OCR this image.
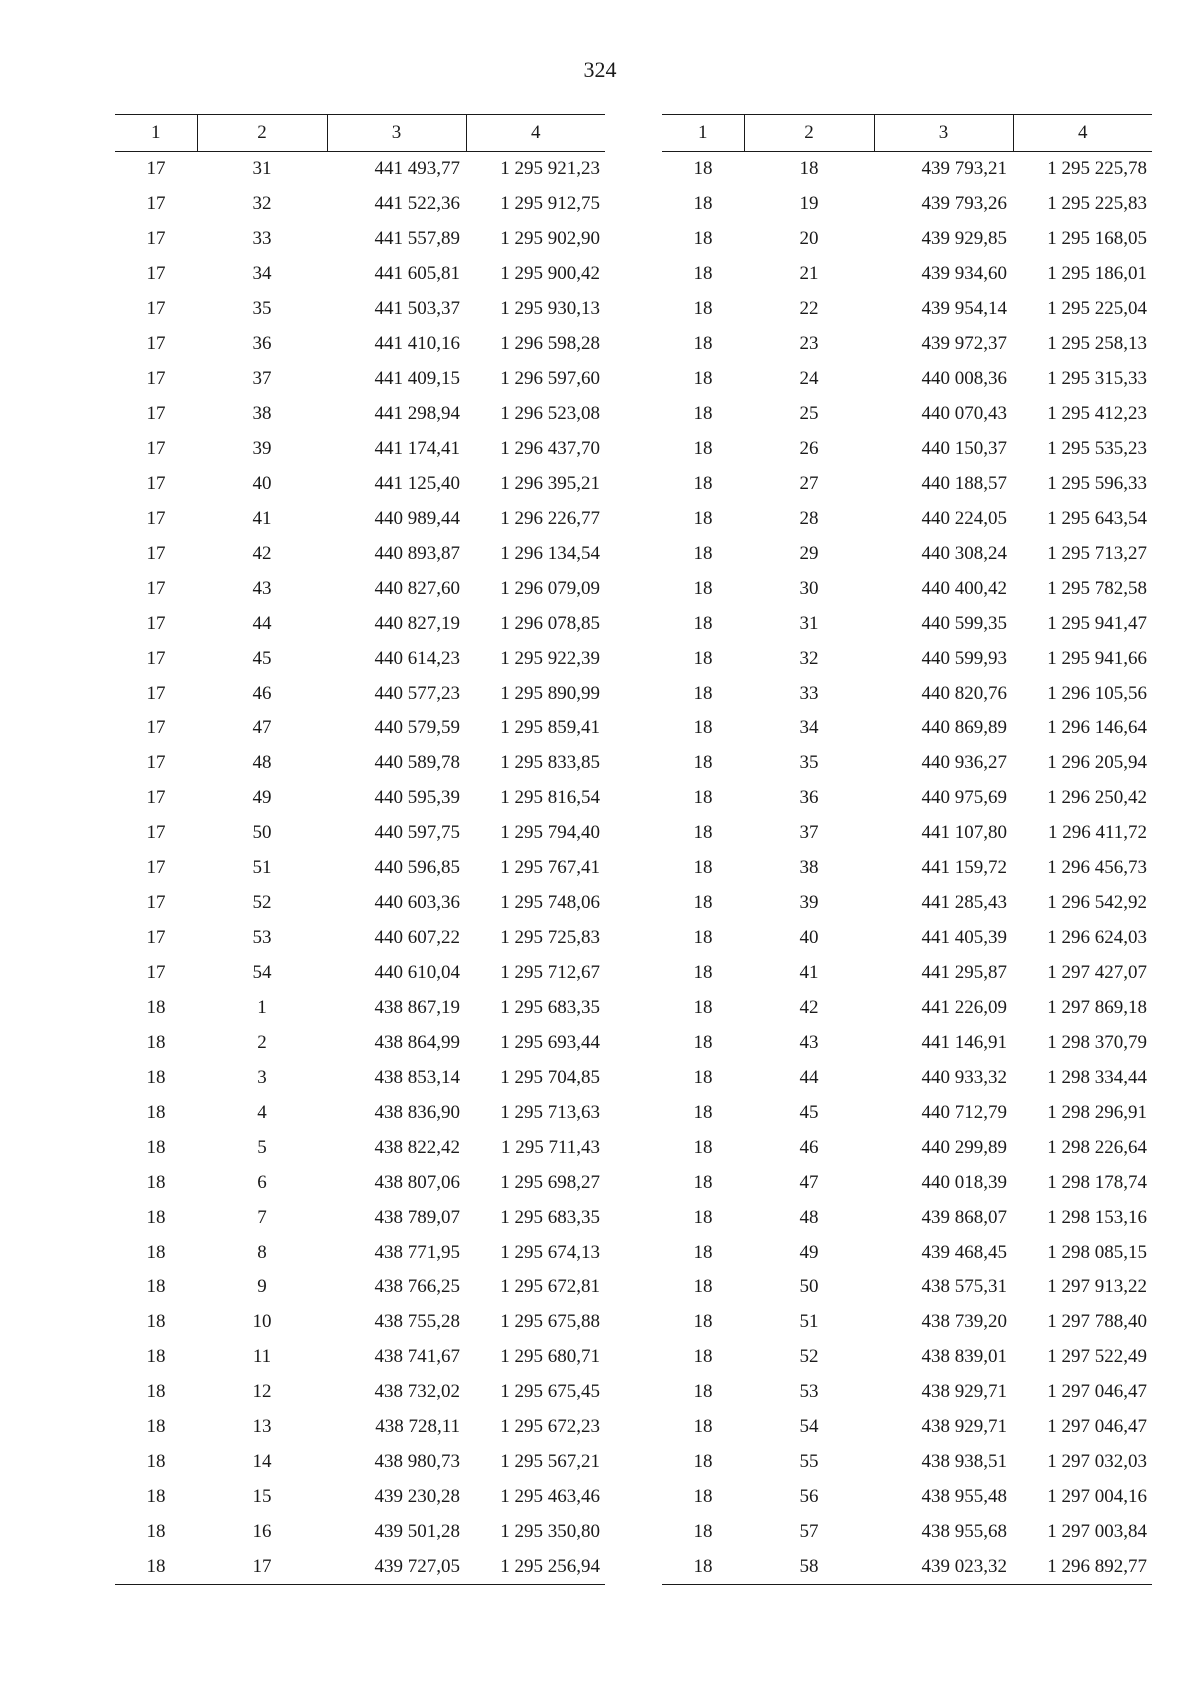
324
1	2	3	4
17	31	441 493,77	1 295 921,23
17	32	441 522,36	1 295 912,75
17	33	441 557,89	1 295 902,90
17	34	441 605,81	1 295 900,42
17	35	441 503,37	1 295 930,13
17	36	441 410,16	1 296 598,28
17	37	441 409,15	1 296 597,60
17	38	441 298,94	1 296 523,08
17	39	441 174,41	1 296 437,70
17	40	441 125,40	1 296 395,21
17	41	440 989,44	1 296 226,77
17	42	440 893,87	1 296 134,54
17	43	440 827,60	1 296 079,09
17	44	440 827,19	1 296 078,85
17	45	440 614,23	1 295 922,39
17	46	440 577,23	1 295 890,99
17	47	440 579,59	1 295 859,41
17	48	440 589,78	1 295 833,85
17	49	440 595,39	1 295 816,54
17	50	440 597,75	1 295 794,40
17	51	440 596,85	1 295 767,41
17	52	440 603,36	1 295 748,06
17	53	440 607,22	1 295 725,83
17	54	440 610,04	1 295 712,67
18	1	438 867,19	1 295 683,35
18	2	438 864,99	1 295 693,44
18	3	438 853,14	1 295 704,85
18	4	438 836,90	1 295 713,63
18	5	438 822,42	1 295 711,43
18	6	438 807,06	1 295 698,27
18	7	438 789,07	1 295 683,35
18	8	438 771,95	1 295 674,13
18	9	438 766,25	1 295 672,81
18	10	438 755,28	1 295 675,88
18	11	438 741,67	1 295 680,71
18	12	438 732,02	1 295 675,45
18	13	438 728,11	1 295 672,23
18	14	438 980,73	1 295 567,21
18	15	439 230,28	1 295 463,46
18	16	439 501,28	1 295 350,80
18	17	439 727,05	1 295 256,94
1	2	3	4
18	18	439 793,21	1 295 225,78
18	19	439 793,26	1 295 225,83
18	20	439 929,85	1 295 168,05
18	21	439 934,60	1 295 186,01
18	22	439 954,14	1 295 225,04
18	23	439 972,37	1 295 258,13
18	24	440 008,36	1 295 315,33
18	25	440 070,43	1 295 412,23
18	26	440 150,37	1 295 535,23
18	27	440 188,57	1 295 596,33
18	28	440 224,05	1 295 643,54
18	29	440 308,24	1 295 713,27
18	30	440 400,42	1 295 782,58
18	31	440 599,35	1 295 941,47
18	32	440 599,93	1 295 941,66
18	33	440 820,76	1 296 105,56
18	34	440 869,89	1 296 146,64
18	35	440 936,27	1 296 205,94
18	36	440 975,69	1 296 250,42
18	37	441 107,80	1 296 411,72
18	38	441 159,72	1 296 456,73
18	39	441 285,43	1 296 542,92
18	40	441 405,39	1 296 624,03
18	41	441 295,87	1 297 427,07
18	42	441 226,09	1 297 869,18
18	43	441 146,91	1 298 370,79
18	44	440 933,32	1 298 334,44
18	45	440 712,79	1 298 296,91
18	46	440 299,89	1 298 226,64
18	47	440 018,39	1 298 178,74
18	48	439 868,07	1 298 153,16
18	49	439 468,45	1 298 085,15
18	50	438 575,31	1 297 913,22
18	51	438 739,20	1 297 788,40
18	52	438 839,01	1 297 522,49
18	53	438 929,71	1 297 046,47
18	54	438 929,71	1 297 046,47
18	55	438 938,51	1 297 032,03
18	56	438 955,48	1 297 004,16
18	57	438 955,68	1 297 003,84
18	58	439 023,32	1 296 892,77
